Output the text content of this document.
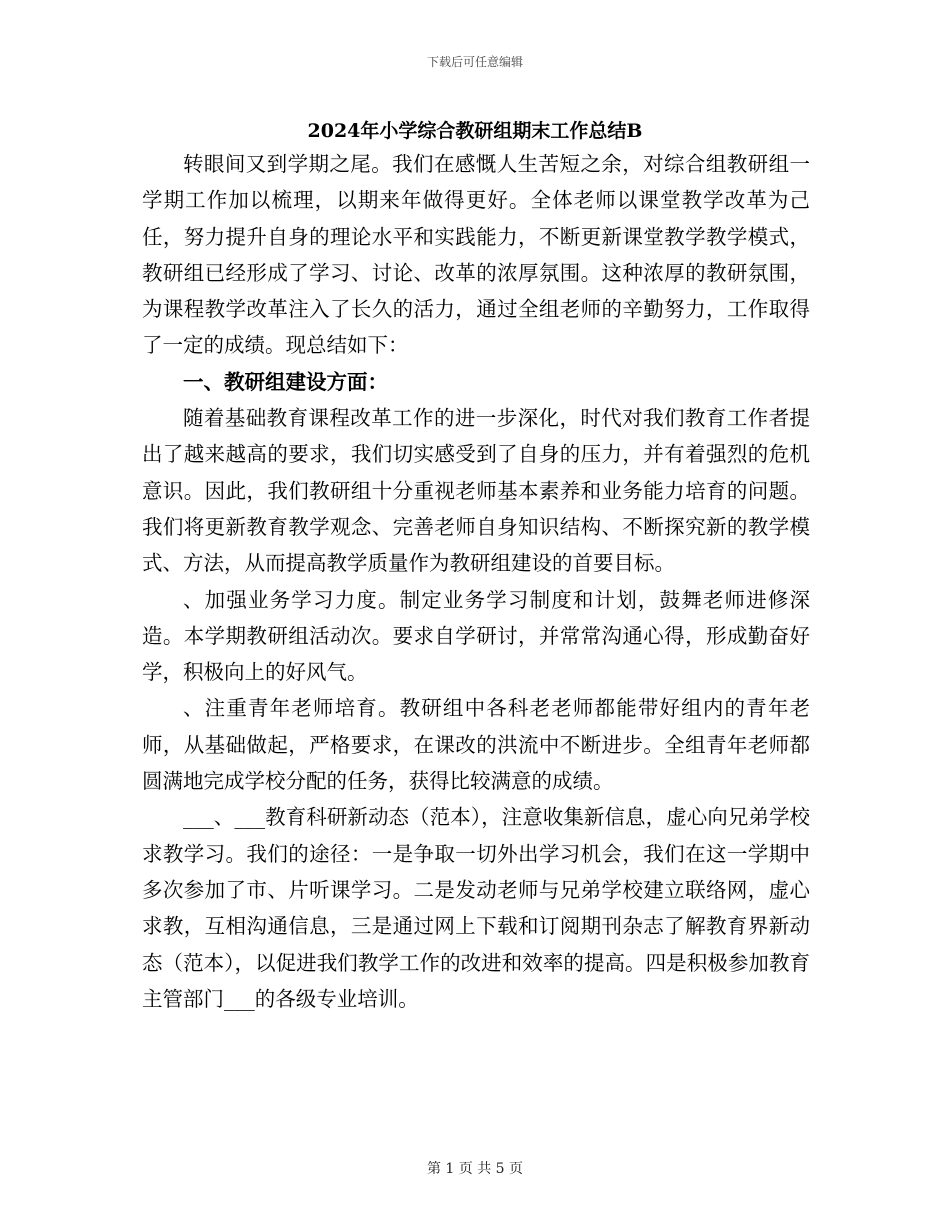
下载后可任意编辑
2024年小学综合教研组期末工作总结B

转眼间又到学期之尾。我们在感慨人生苦短之余，对综合组教研组一学期工作加以梳理，以期来年做得更好。全体老师以课堂教学改革为己任，努力提升自身的理论水平和实践能力，不断更新课堂教学教学模式，教研组已经形成了学习、讨论、改革的浓厚氛围。这种浓厚的教研氛围，为课程教学改革注入了长久的活力，通过全组老师的辛勤努力，工作取得了一定的成绩。现总结如下：

一、教研组建设方面：

随着基础教育课程改革工作的进一步深化，时代对我们教育工作者提出了越来越高的要求，我们切实感受到了自身的压力，并有着强烈的危机意识。因此，我们教研组十分重视老师基本素养和业务能力培育的问题。我们将更新教育教学观念、完善老师自身知识结构、不断探究新的教学模式、方法，从而提高教学质量作为教研组建设的首要目标。

、加强业务学习力度。制定业务学习制度和计划，鼓舞老师进修深造。本学期教研组活动次。要求自学研讨，并常常沟通心得，形成勤奋好学，积极向上的好风气。

、注重青年老师培育。教研组中各科老老师都能带好组内的青年老师，从基础做起，严格要求，在课改的洪流中不断进步。全组青年老师都圆满地完成学校分配的任务，获得比较满意的成绩。

___、___教育科研新动态（范本），注意收集新信息，虚心向兄弟学校求教学习。我们的途径：一是争取一切外出学习机会，我们在这一学期中多次参加了市、片听课学习。二是发动老师与兄弟学校建立联络网，虚心求教，互相沟通信息，三是通过网上下载和订阅期刊杂志了解教育界新动态（范本），以促进我们教学工作的改进和效率的提高。四是积极参加教育主管部门___的各级专业培训。

第 1 页 共 5 页
